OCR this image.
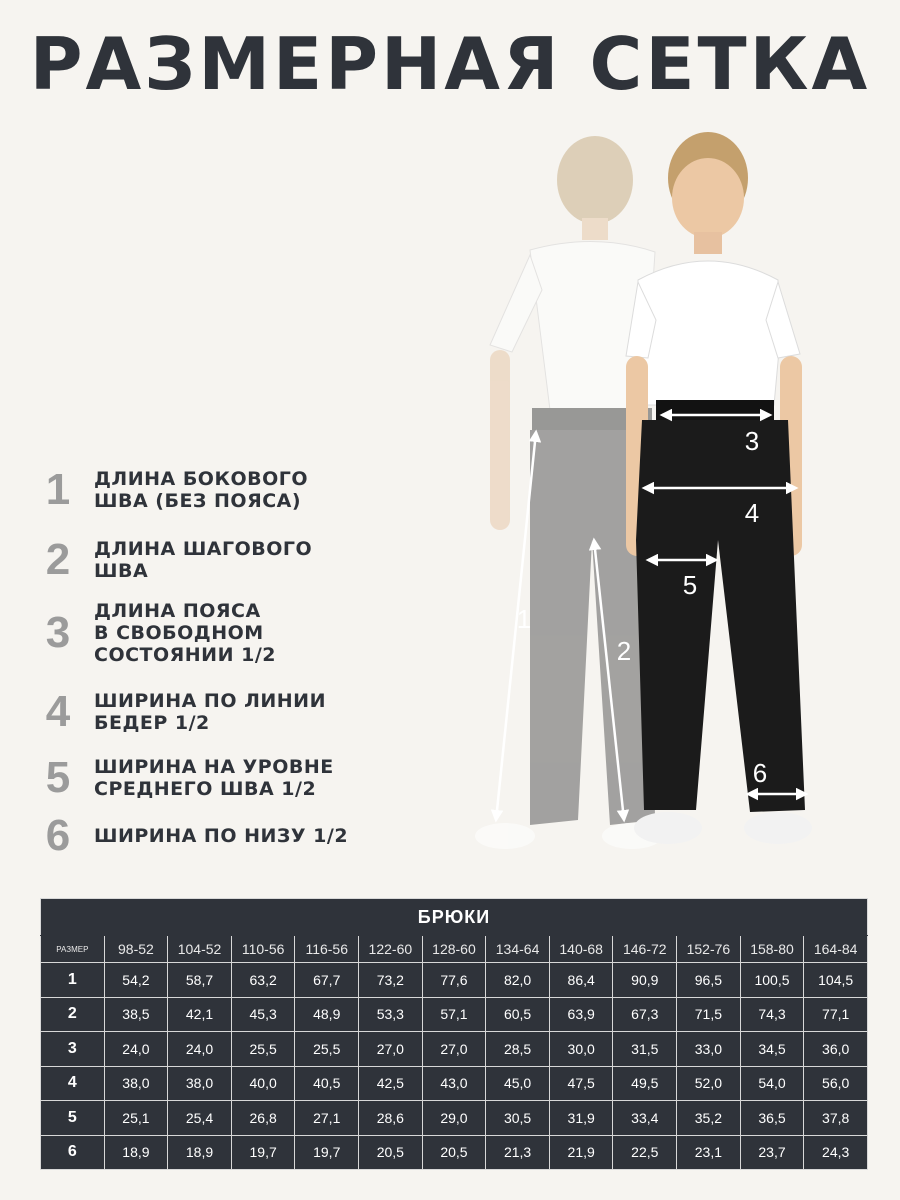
РАЗМЕРНАЯ СЕТКА
1	ДЛИНА БОКОВОГО
ШВА (БЕЗ ПОЯСА)
2	ДЛИНА ШАГОВОГО
ШВА
3	ДЛИНА ПОЯСА
В СВОБОДНОМ
СОСТОЯНИИ 1/2
4	ШИРИНА ПО ЛИНИИ
БЕДЕР 1/2
5	ШИРИНА НА УРОВНЕ
СРЕДНЕГО ШВА 1/2
6	ШИРИНА ПО НИЗУ 1/2
1
2
3
4
5
6
БРЮКИ												
РАЗМЕР	98-52	104-52	110-56	116-56	122-60	128-60	134-64	140-68	146-72	152-76	158-80	164-84
1	54,2	58,7	63,2	67,7	73,2	77,6	82,0	86,4	90,9	96,5	100,5	104,5
2	38,5	42,1	45,3	48,9	53,3	57,1	60,5	63,9	67,3	71,5	74,3	77,1
3	24,0	24,0	25,5	25,5	27,0	27,0	28,5	30,0	31,5	33,0	34,5	36,0
4	38,0	38,0	40,0	40,5	42,5	43,0	45,0	47,5	49,5	52,0	54,0	56,0
5	25,1	25,4	26,8	27,1	28,6	29,0	30,5	31,9	33,4	35,2	36,5	37,8
6	18,9	18,9	19,7	19,7	20,5	20,5	21,3	21,9	22,5	23,1	23,7	24,3
